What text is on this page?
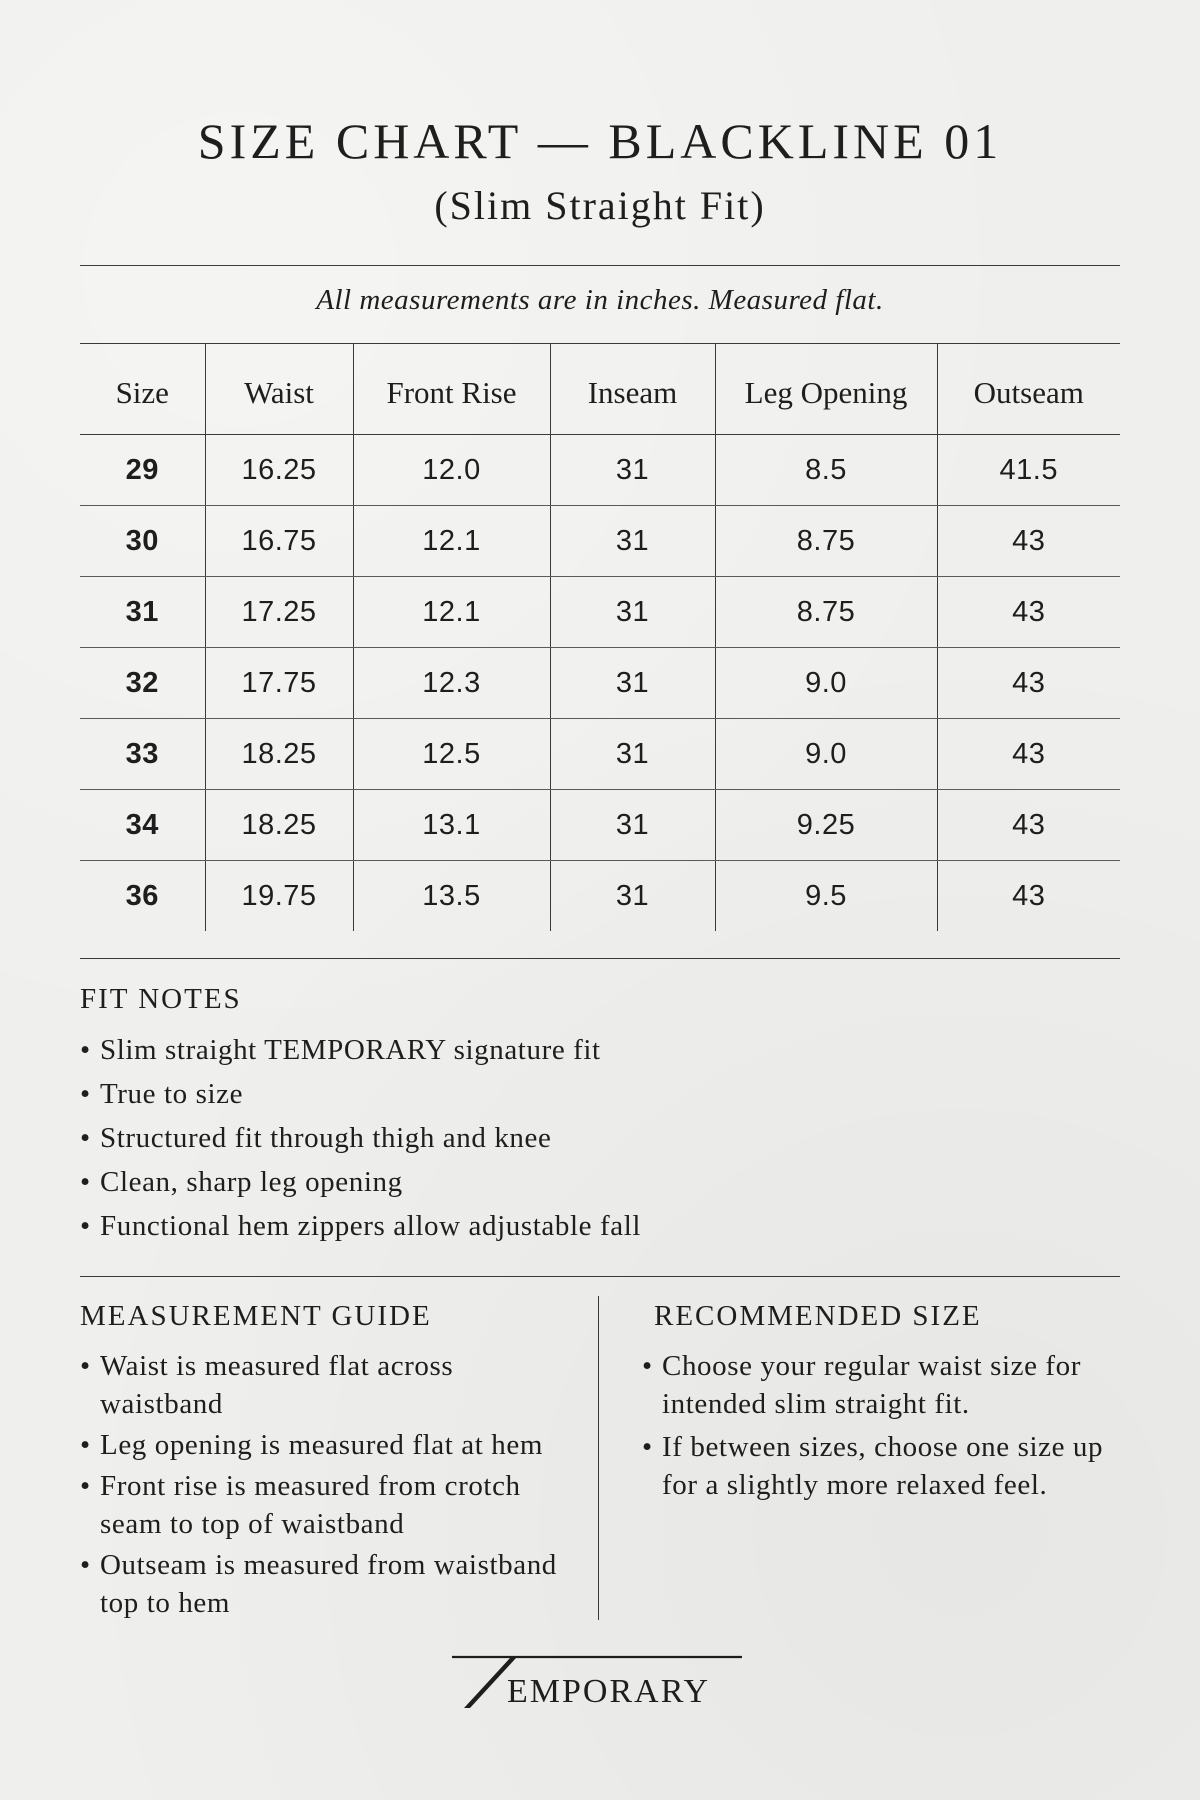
SIZE CHART — BLACKLINE 01
(Slim Straight Fit)
All measurements are in inches. Measured flat.
Size	Waist	Front Rise	Inseam	Leg Opening	Outseam
29	16.25	12.0	31	8.5	41.5
30	16.75	12.1	31	8.75	43
31	17.25	12.1	31	8.75	43
32	17.75	12.3	31	9.0	43
33	18.25	12.5	31	9.0	43
34	18.25	13.1	31	9.25	43
36	19.75	13.5	31	9.5	43
FIT NOTES
• Slim straight TEMPORARY signature fit
• True to size
• Structured fit through thigh and knee
• Clean, sharp leg opening
• Functional hem zippers allow adjustable fall
MEASUREMENT GUIDE
• Waist is measured flat across waistband
• Leg opening is measured flat at hem
• Front rise is measured from crotch seam to top of waistband
• Outseam is measured from waistband top to hem
RECOMMENDED SIZE
• Choose your regular waist size for intended slim straight fit.
• If between sizes, choose one size up for a slightly more relaxed feel.
EMPORARY
